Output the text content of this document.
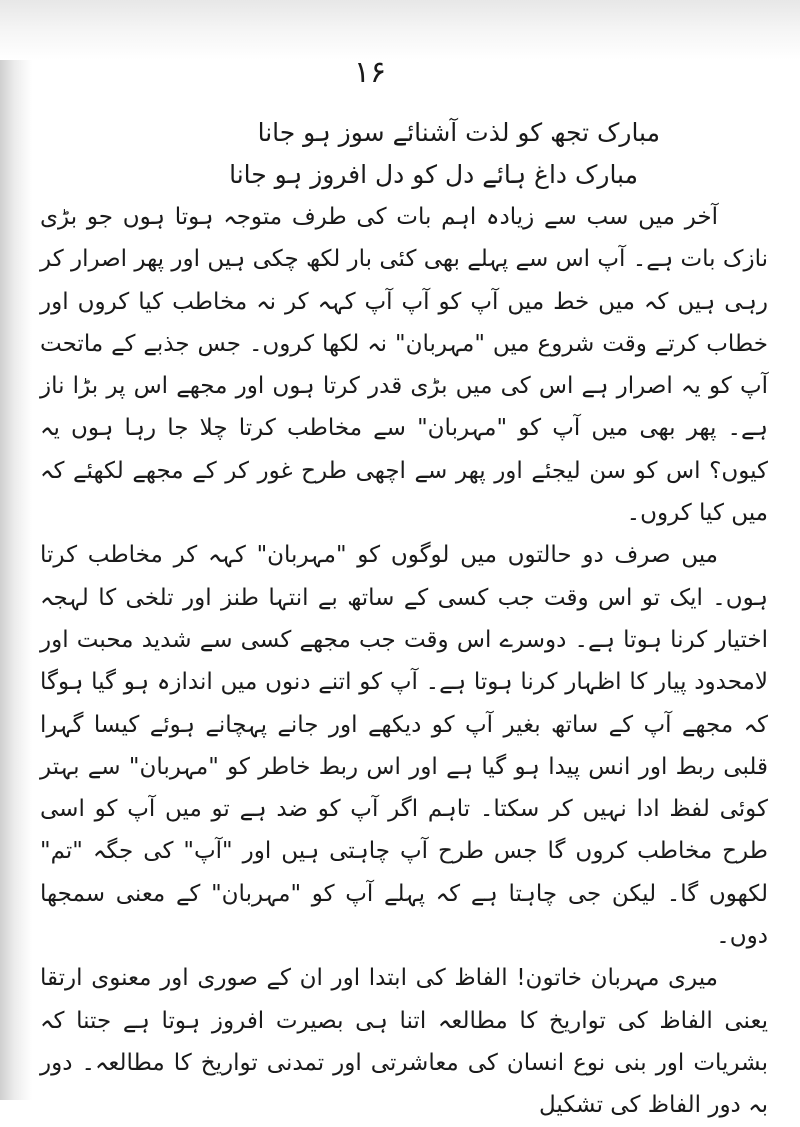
۱۶
مبارک تجھ کو لذت آشنائے سوز ہو جانا
مبارک داغ ہائے دل کو دل افروز ہو جانا

آخر میں سب سے زیادہ اہم بات کی طرف متوجہ ہوتا ہوں جو بڑی نازک بات ہے۔ آپ اس سے پہلے بھی کئی بار لکھ چکی ہیں اور پھر اصرار کر رہی ہیں کہ میں خط میں آپ کو آپ آپ کہہ کر نہ مخاطب کیا کروں اور خطاب کرتے وقت شروع میں "مہربان" نہ لکھا کروں۔ جس جذبے کے ماتحت آپ کو یہ اصرار ہے اس کی میں بڑی قدر کرتا ہوں اور مجھے اس پر بڑا ناز ہے۔ پھر بھی میں آپ کو "مہربان" سے مخاطب کرتا چلا جا رہا ہوں یہ کیوں؟ اس کو سن لیجئے اور پھر سے اچھی طرح غور کر کے مجھے لکھئے کہ میں کیا کروں۔

میں صرف دو حالتوں میں لوگوں کو "مہربان" کہہ کر مخاطب کرتا ہوں۔ ایک تو اس وقت جب کسی کے ساتھ بے انتہا طنز اور تلخی کا لہجہ اختیار کرنا ہوتا ہے۔ دوسرے اس وقت جب مجھے کسی سے شدید محبت اور لامحدود پیار کا اظہار کرنا ہوتا ہے۔ آپ کو اتنے دنوں میں اندازہ ہو گیا ہوگا کہ مجھے آپ کے ساتھ بغیر آپ کو دیکھے اور جانے پہچانے ہوئے کیسا گہرا قلبی ربط اور انس پیدا ہو گیا ہے اور اس ربط خاطر کو "مہربان" سے بہتر کوئی لفظ ادا نہیں کر سکتا۔ تاہم اگر آپ کو ضد ہے تو میں آپ کو اسی طرح مخاطب کروں گا جس طرح آپ چاہتی ہیں اور "آپ" کی جگہ "تم" لکھوں گا۔ لیکن جی چاہتا ہے کہ پہلے آپ کو "مہربان" کے معنی سمجھا دوں۔

میری مہربان خاتون! الفاظ کی ابتدا اور ان کے صوری اور معنوی ارتقا یعنی الفاظ کی تواریخ کا مطالعہ اتنا ہی بصیرت افروز ہوتا ہے جتنا کہ بشریات اور بنی نوع انسان کی معاشرتی اور تمدنی تواریخ کا مطالعہ۔ دور بہ دور الفاظ کی تشکیل
